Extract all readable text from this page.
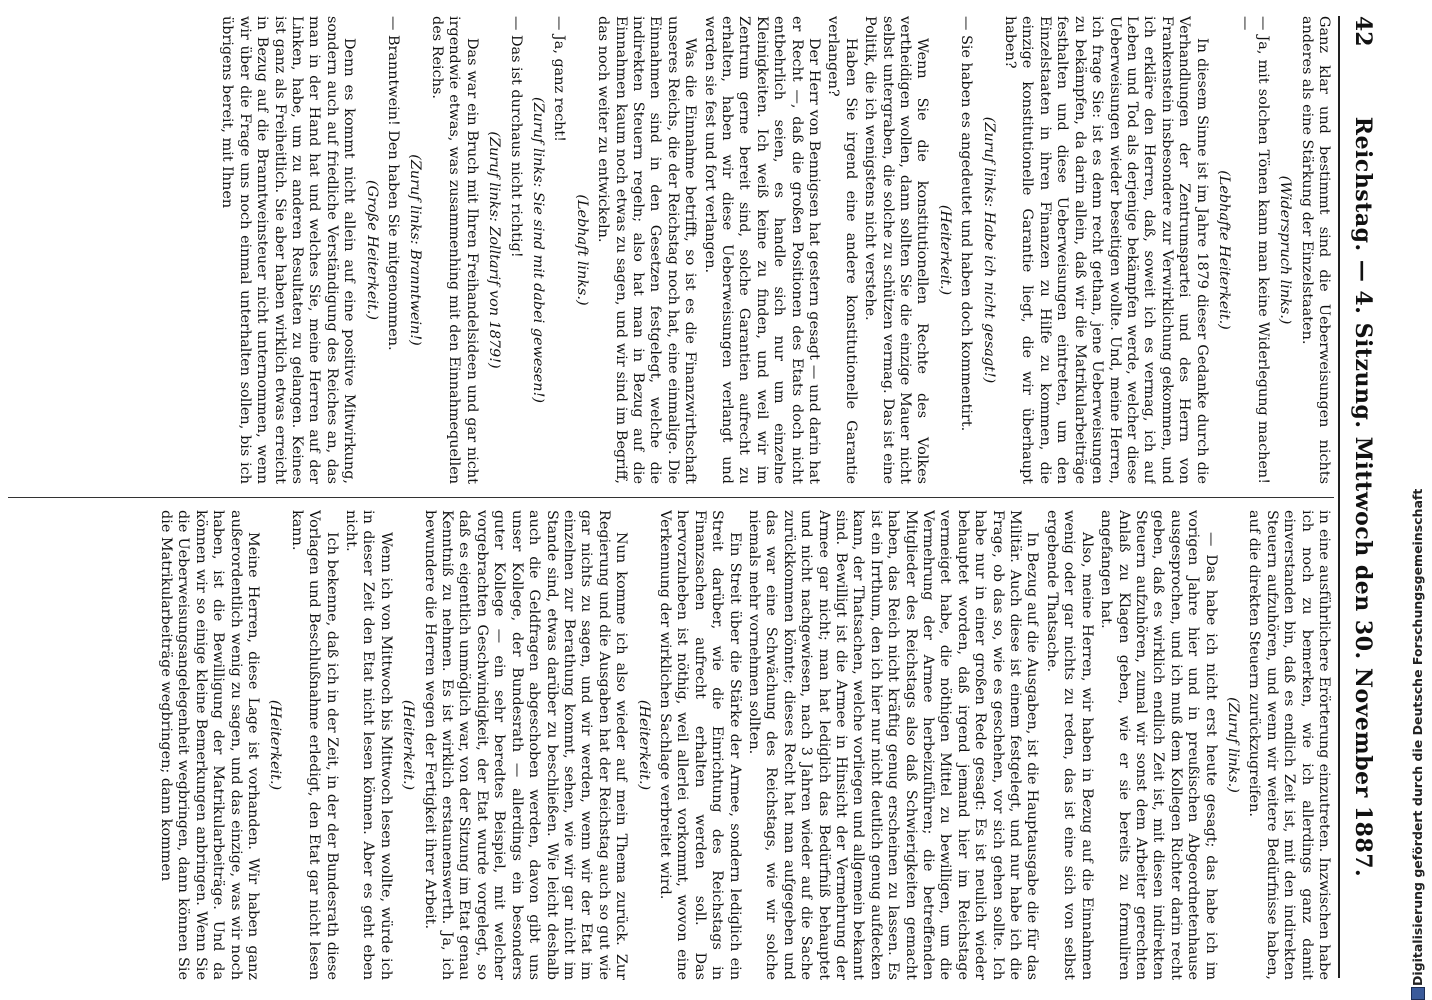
42
Reichstag. — 4. Sitzung. Mittwoch den 30. November 1887.

Ganz klar und bestimmt sind die Ueberweisungen nichts anderes als eine Stärkung der Einzelstaaten.

(Widerspruch links.)

— Ja, mit solchen Tönen kann man keine Widerlegung machen! —

(Lebhafte Heiterkeit.)

In diesem Sinne ist im Jahre 1879 dieser Gedanke durch die Verhandlungen der Zentrumspartei und des Herrn von Frankenstein insbesondere zur Verwirklichung gekommen, und ich erkläre den Herren, daß, soweit ich es vermag, ich auf Leben und Tod als derjenige bekämpfen werde, welcher diese Ueberweisungen wieder beseitigen wollte. Und, meine Herren, ich frage Sie: ist es denn recht gethan, jene Ueberweisungen zu bekämpfen, da darin allein, daß wir die Matrikularbeiträge festhalten und diese Ueberweisungen eintreten, um den Einzelstaaten in ihren Finanzen zu Hilfe zu kommen, die einzige konstitutionelle Garantie liegt, die wir überhaupt haben?

(Zuruf links: Habe ich nicht gesagt!)

— Sie haben es angedeutet und haben doch kommentirt.

(Heiterkeit.)

Wenn Sie die konstitutionellen Rechte des Volkes vertheidigen wollen, dann sollten Sie die einzige Mauer nicht selbst untergraben, die solche zu schützen vermag. Das ist eine Politik, die ich wenigstens nicht verstehe.

Haben Sie irgend eine andere konstitutionelle Garantie verlangen?

Der Herr von Bennigsen hat gestern gesagt — und darin hat er Recht —, daß die großen Positionen des Etats doch nicht entbehrlich seien, es handle sich nur um einzelne Kleinigkeiten. Ich weiß keine zu finden, und weil wir im Zentrum gerne bereit sind, solche Garantien aufrecht zu erhalten, haben wir diese Ueberweisungen verlangt und werden sie fest und fort verlangen.

Was die Einnahme betrifft, so ist es die Finanzwirthschaft unseres Reichs, die der Reichstag noch hat, eine einmalige. Die Einnahmen sind in den Gesetzen festgelegt, welche die indirekten Steuern regeln; also hat man in Bezug auf die Einnahmen kaum noch etwas zu sagen, und wir sind im Begriff, das noch weiter zu entwickeln.

(Lebhaft links.)

— Ja, ganz recht!

(Zuruf links: Sie sind mit dabei gewesen!)

— Das ist durchaus nicht richtig!

(Zuruf links: Zolltarif von 1879!)

Das war ein Bruch mit Ihren Freihandelsideen und gar nicht irgendwie etwas, was zusammenhing mit den Einnahmequellen des Reichs.

(Zuruf links: Branntwein!)

— Branntwein! Den haben Sie mitgenommen.

(Große Heiterkeit.)

Denn es kommt nicht allein auf eine positive Mitwirkung, sondern auch auf friedliche Verständigung des Reiches an, das man in der Hand hat und welches Sie, meine Herren auf der Linken, habe, um zu anderen Resultaten zu gelangen. Keines ist ganz als Freiheitlich. Sie aber haben wirklich etwas erreicht in Bezug auf die Branntweinsteuer nicht unternommen, wenn wir über die Frage uns noch einmal unterhalten sollen, bis ich übrigens bereit, mit Ihnen

in eine ausführlichere Erörterung einzutreten. Inzwischen habe ich noch zu bemerken, wie ich allerdings ganz damit einverstanden bin, daß es endlich Zeit ist, mit den indirekten Steuern aufzuhören, und wenn wir weitere Bedürfnisse haben, auf die direkten Steuern zurückzugreifen.

(Zuruf links.)

— Das habe ich nicht erst heute gesagt; das habe ich im vorigen Jahre hier und in preußischen Abgeordnetenhause ausgesprochen, und ich muß dem Kollegen Richter darin recht geben, daß es wirklich endlich Zeit ist, mit diesen indirekten Steuern aufzuhören, zumal wir sonst dem Arbeiter gerechten Anlaß zu Klagen geben, wie er sie bereits zu formuliren angefangen hat.

Also, meine Herren, wir haben in Bezug auf die Einnahmen wenig oder gar nichts zu reden, das ist eine sich von selbst ergebende Thatsache.

In Bezug auf die Ausgaben, ist die Hauptausgabe die für das Militär. Auch diese ist einem festgelegt, und nur habe ich die Frage, ob das so, wie es geschehen, vor sich gehen sollte. Ich habe nur in einer großen Rede gesagt: Es ist neulich wieder behauptet worden, daß irgend jemand hier im Reichstage vermeiget habe, die nöthigen Mittel zu bewilligen, um die Vermehrung der Armee herbeizuführen; die betreffenden Mitglieder des Reichstags also daß Schwierigkeiten gemacht haben, das Reich nicht kräftig genug erscheinen zu lassen. Es ist ein Irrthum, den ich hier nur nicht deutlich genug aufdecken kann, der Thatsachen, welche vorliegen und allgemein bekannt sind. Bewilligt ist die Armee in Hinsicht der Vermehrung der Armee gar nicht; man hat lediglich das Bedürfniß behauptet und nicht nachgewiesen, nach 3 Jahren wieder auf die Sache zurückkommen könnte; dieses Recht hat man aufgegeben und das war eine Schwächung des Reichstags, wie wir solche niemals mehr vornehmen sollten.

Ein Streit über die Stärke der Armee, sondern lediglich ein Streit darüber, wie die Einrichtung des Reichstags in Finanzsachen aufrecht erhalten werden soll. Das hervorzuheben ist nöthig, weil allerlei vorkommt, wovon eine Verkennung der wirklichen Sachlage verbreitet wird.

(Heiterkeit.)

Nun komme ich also wieder auf mein Thema zurück. Zur Regierung und die Ausgaben hat der Reichstag auch so gut wie gar nichts zu sagen, und wir werden, wenn wir der Etat im einzelnen zur Berathung kommt, sehen, wie wir gar nicht im Stande sind, etwas darüber zu beschließen. Wie leicht deshalb auch die Geldfragen abgeschoben werden, davon gibt uns unser Kollege, der Bundesrath — allerdings ein besonders guter Kollege — ein sehr beredtes Beispiel, mit welcher vorgebrachten Geschwindigkeit, der Etat wurde vorgelegt, so daß es eigentlich unmöglich war, von der Sitzung im Etat genau Kenntniß zu nehmen. Es ist wirklich erstaunenswerth. Ja, ich bewundere die Herren wegen der Fertigkeit ihrer Arbeit.

(Heiterkeit.)

Wenn ich von Mittwoch bis Mittwoch lesen wollte, würde ich in dieser Zeit den Etat nicht lesen können. Aber es geht eben nicht.

Ich bekenne, daß ich in der Zeit, in der der Bundesrath diese Vorlagen und Beschlußnahme erledigt, den Etat gar nicht lesen kann.

(Heiterkeit.)

Meine Herren, diese Lage ist vorhanden. Wir haben ganz außerordentlich wenig zu sagen, und das einzige, was wir noch haben, ist die Bewilligung der Matrikularbeiträge. Und da können wir so einige kleine Bemerkungen anbringen. Wenn Sie die Ueberweisungsangelegenheit wegbringen, dann können Sie die Matrikularbeiträge wegbringen; dann kommen	Digitalisierung gefördert durch die Deutsche Forschungsgemeinschaft
